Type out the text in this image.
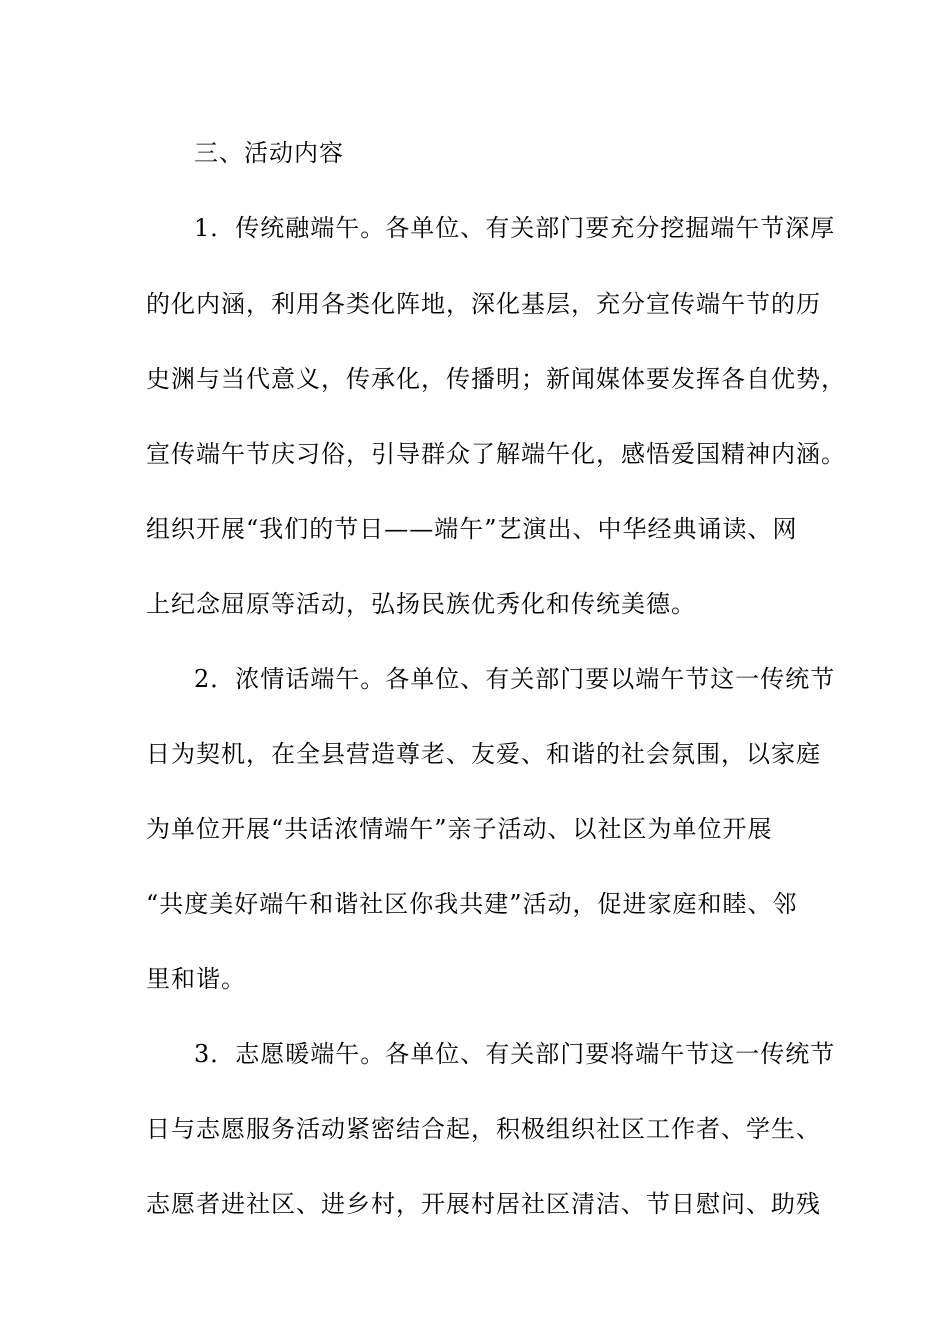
三、活动内容
1．传统融端午。各单位、有关部门要充分挖掘端午节深厚
的化内涵，利用各类化阵地，深化基层，充分宣传端午节的历
史渊与当代意义，传承化，传播明；新闻媒体要发挥各自优势，
宣传端午节庆习俗，引导群众了解端午化，感悟爱国精神内涵。
组织开展“我们的节日——端午”艺演出、中华经典诵读、网
上纪念屈原等活动，弘扬民族优秀化和传统美德。
2．浓情话端午。各单位、有关部门要以端午节这一传统节
日为契机，在全县营造尊老、友爱、和谐的社会氛围，以家庭
为单位开展“共话浓情端午”亲子活动、以社区为单位开展
“共度美好端午和谐社区你我共建”活动，促进家庭和睦、邻
里和谐。
3．志愿暖端午。各单位、有关部门要将端午节这一传统节
日与志愿服务活动紧密结合起，积极组织社区工作者、学生、
志愿者进社区、进乡村，开展村居社区清洁、节日慰问、助残
